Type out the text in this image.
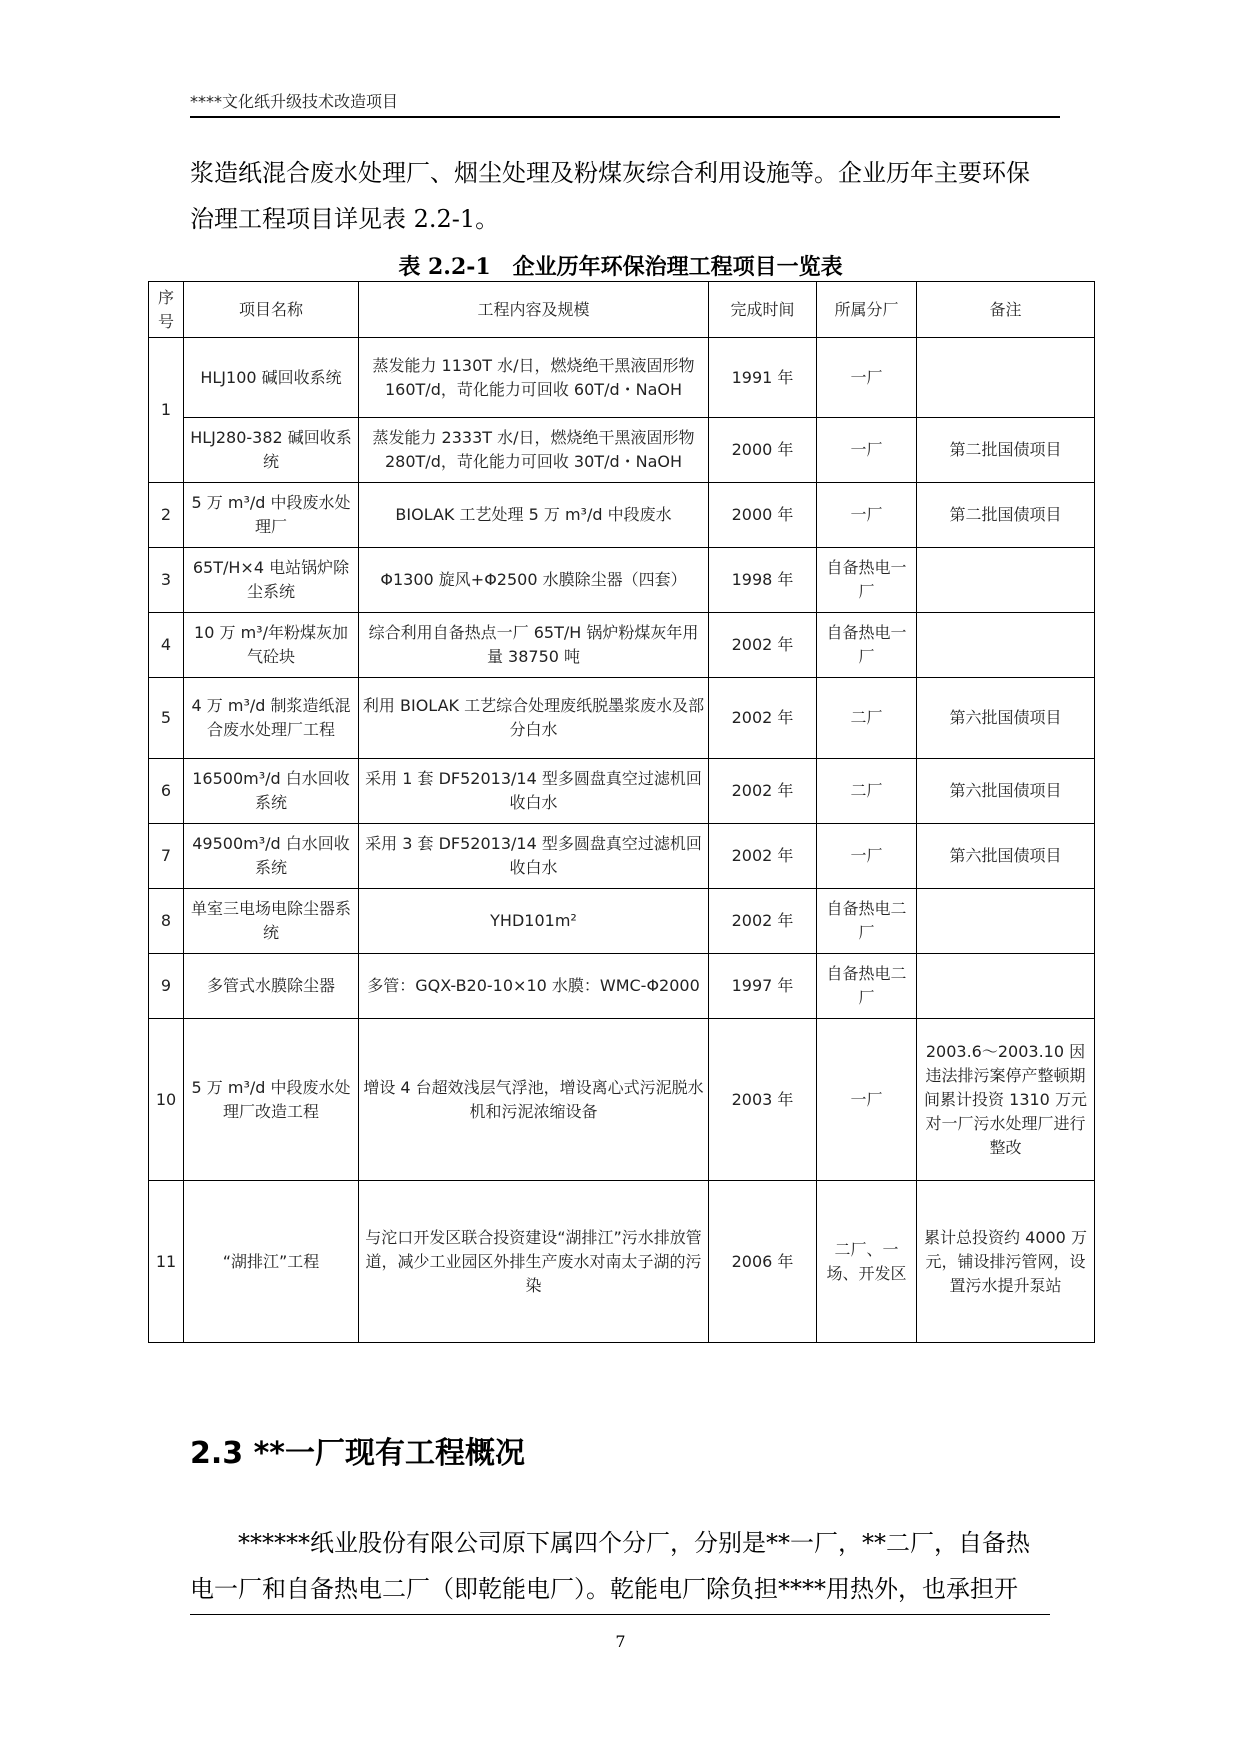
****文化纸升级技术改造项目
浆造纸混合废水处理厂、烟尘处理及粉煤灰综合利用设施等。企业历年主要环保
治理工程项目详见表 2.2-1。
表 2.2-1　企业历年环保治理工程项目一览表
序号	项目名称	工程内容及规模	完成时间	所属分厂	备注
1	HLJ100 碱回收系统	蒸发能力 1130T 水/日，燃烧绝干黑液固形物 160T/d，苛化能力可回收 60T/d・NaOH	1991 年	一厂	
	HLJ280-382 碱回收系统	蒸发能力 2333T 水/日，燃烧绝干黑液固形物 280T/d，苛化能力可回收 30T/d・NaOH	2000 年	一厂	第二批国债项目
2	5 万 m³/d 中段废水处理厂	BIOLAK 工艺处理 5 万 m³/d 中段废水	2000 年	一厂	第二批国债项目
3	65T/H×4 电站锅炉除尘系统	Φ1300 旋风+Φ2500 水膜除尘器（四套）	1998 年	自备热电一厂	
4	10 万 m³/年粉煤灰加气砼块	综合利用自备热点一厂 65T/H 锅炉粉煤灰年用量 38750 吨	2002 年	自备热电一厂	
5	4 万 m³/d 制浆造纸混合废水处理厂工程	利用 BIOLAK 工艺综合处理废纸脱墨浆废水及部分白水	2002 年	二厂	第六批国债项目
6	16500m³/d 白水回收系统	采用 1 套 DF52013/14 型多圆盘真空过滤机回收白水	2002 年	二厂	第六批国债项目
7	49500m³/d 白水回收系统	采用 3 套 DF52013/14 型多圆盘真空过滤机回收白水	2002 年	一厂	第六批国债项目
8	单室三电场电除尘器系统	YHD101m²	2002 年	自备热电二厂	
9	多管式水膜除尘器	多管：GQX-B20-10×10 水膜：WMC-Φ2000	1997 年	自备热电二厂	
10	5 万 m³/d 中段废水处理厂改造工程	增设 4 台超效浅层气浮池，增设离心式污泥脱水机和污泥浓缩设备	2003 年	一厂	2003.6～2003.10 因违法排污案停产整顿期间累计投资 1310 万元对一厂污水处理厂进行整改
11	“湖排江”工程	与沱口开发区联合投资建设“湖排江”污水排放管道，减少工业园区外排生产废水对南太子湖的污染	2006 年	二厂、一场、开发区	累计总投资约 4000 万元，铺设排污管网，设置污水提升泵站
2.3 **一厂现有工程概况
******纸业股份有限公司原下属四个分厂，分别是**一厂，**二厂，自备热
电一厂和自备热电二厂（即乾能电厂）。乾能电厂除负担****用热外，也承担开
7
